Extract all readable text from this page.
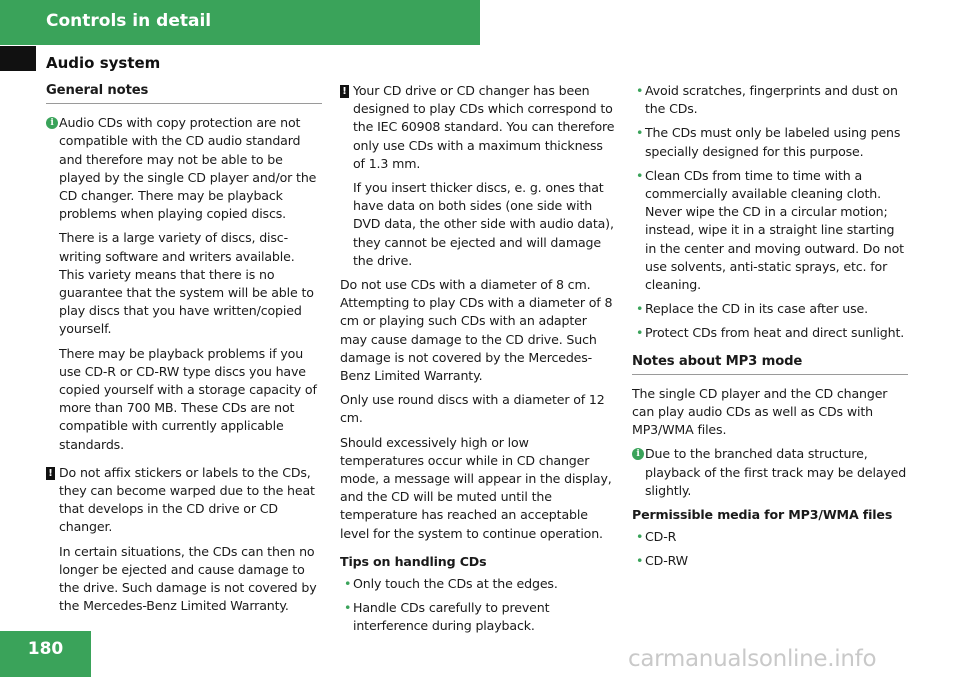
Controls in detail
Audio system
General notes
i Audio CDs with copy protection are not compatible with the CD audio standard and therefore may not be able to be played by the single CD player and/or the CD changer. There may be playback problems when playing copied discs.

There is a large variety of discs, disc-writing software and writers available. This variety means that there is no guarantee that the system will be able to play discs that you have written/copied yourself.

There may be playback problems if you use CD-R or CD-RW type discs you have copied yourself with a storage capacity of more than 700 MB. These CDs are not compatible with currently applicable standards.

! Do not affix stickers or labels to the CDs, they can become warped due to the heat that develops in the CD drive or CD changer.

In certain situations, the CDs can then no longer be ejected and cause damage to the drive. Such damage is not covered by the Mercedes-Benz Limited Warranty.

! Your CD drive or CD changer has been designed to play CDs which correspond to the IEC 60908 standard. You can therefore only use CDs with a maximum thickness of 1.3 mm.

If you insert thicker discs, e. g. ones that have data on both sides (one side with DVD data, the other side with audio data), they cannot be ejected and will damage the drive.

Do not use CDs with a diameter of 8 cm. Attempting to play CDs with a diameter of 8 cm or playing such CDs with an adapter may cause damage to the CD drive. Such damage is not covered by the Mercedes-Benz Limited Warranty.

Only use round discs with a diameter of 12 cm.

Should excessively high or low temperatures occur while in CD changer mode, a message will appear in the display, and the CD will be muted until the temperature has reached an acceptable level for the system to continue operation.

Tips on handling CDs
• Only touch the CDs at the edges.
• Handle CDs carefully to prevent interference during playback.
• Avoid scratches, fingerprints and dust on the CDs.
• The CDs must only be labeled using pens specially designed for this purpose.
• Clean CDs from time to time with a commercially available cleaning cloth. Never wipe the CD in a circular motion; instead, wipe it in a straight line starting in the center and moving outward. Do not use solvents, anti-static sprays, etc. for cleaning.
• Replace the CD in its case after use.
• Protect CDs from heat and direct sunlight.
Notes about MP3 mode

The single CD player and the CD changer can play audio CDs as well as CDs with MP3/WMA files.

i Due to the branched data structure, playback of the first track may be delayed slightly.

Permissible media for MP3/WMA files
• CD-R
• CD-RW
180	carmanualsonline.info
